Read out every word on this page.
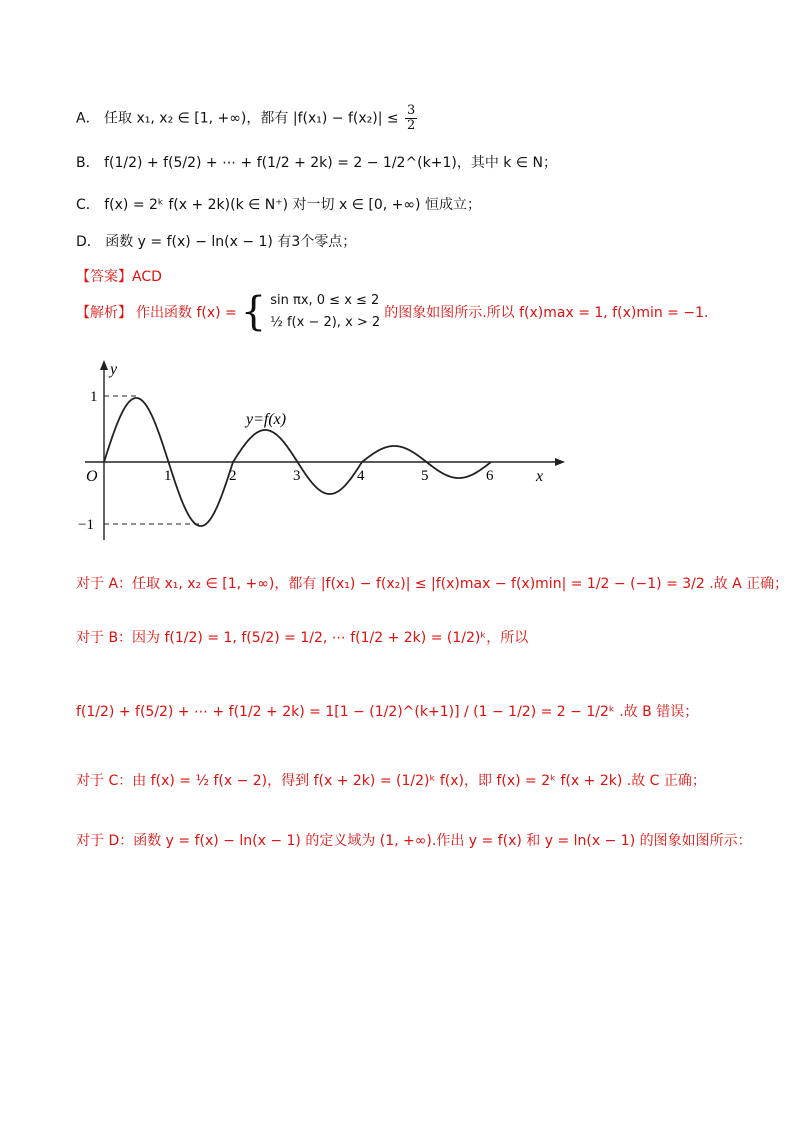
A． 任取 x₁, x₂ ∈ [1, +∞)，都有 $|f(x_1) - f(x_2)| \le \frac{3}{2}$
B． f(1/2) + f(5/2) + ⋯ + f(1/2 + 2k) = 2 − 1/2^(k+1)，其中 k ∈ N；
C． f(x) = 2ᵏ f(x + 2k)(k ∈ N⁺) 对一切 x ∈ [0, +∞) 恒成立；
D． 函数 y = f(x) − ln(x − 1) 有3个零点；
【答案】ACD
【解析】 作出函数 f(x) = { sin πx, 0 ≤ x ≤ 2
½ f(x − 2), x > 2
的图象如图所示.所以 f(x)max = 1, f(x)min = −1.
y
x
O
y=f(x)
1
−1
1	2	3	4	5	6
对于 A：任取 x₁, x₂ ∈ [1, +∞)，都有 |f(x₁) − f(x₂)| ≤ |f(x)max − f(x)min| = 1/2 − (−1) = 3/2 .故 A 正确；
对于 B：因为 f(1/2) = 1, f(5/2) = 1/2, ⋯ f(1/2 + 2k) = (1/2)ᵏ，所以
f(1/2) + f(5/2) + ⋯ + f(1/2 + 2k) = 1[1 − (1/2)^(k+1)] / (1 − 1/2) = 2 − 1/2ᵏ .故 B 错误；
对于 C：由 f(x) = ½ f(x − 2)，得到 f(x + 2k) = (1/2)ᵏ f(x)，即 f(x) = 2ᵏ f(x + 2k) .故 C 正确；
对于 D：函数 y = f(x) − ln(x − 1) 的定义域为 (1, +∞).作出 y = f(x) 和 y = ln(x − 1) 的图象如图所示：
